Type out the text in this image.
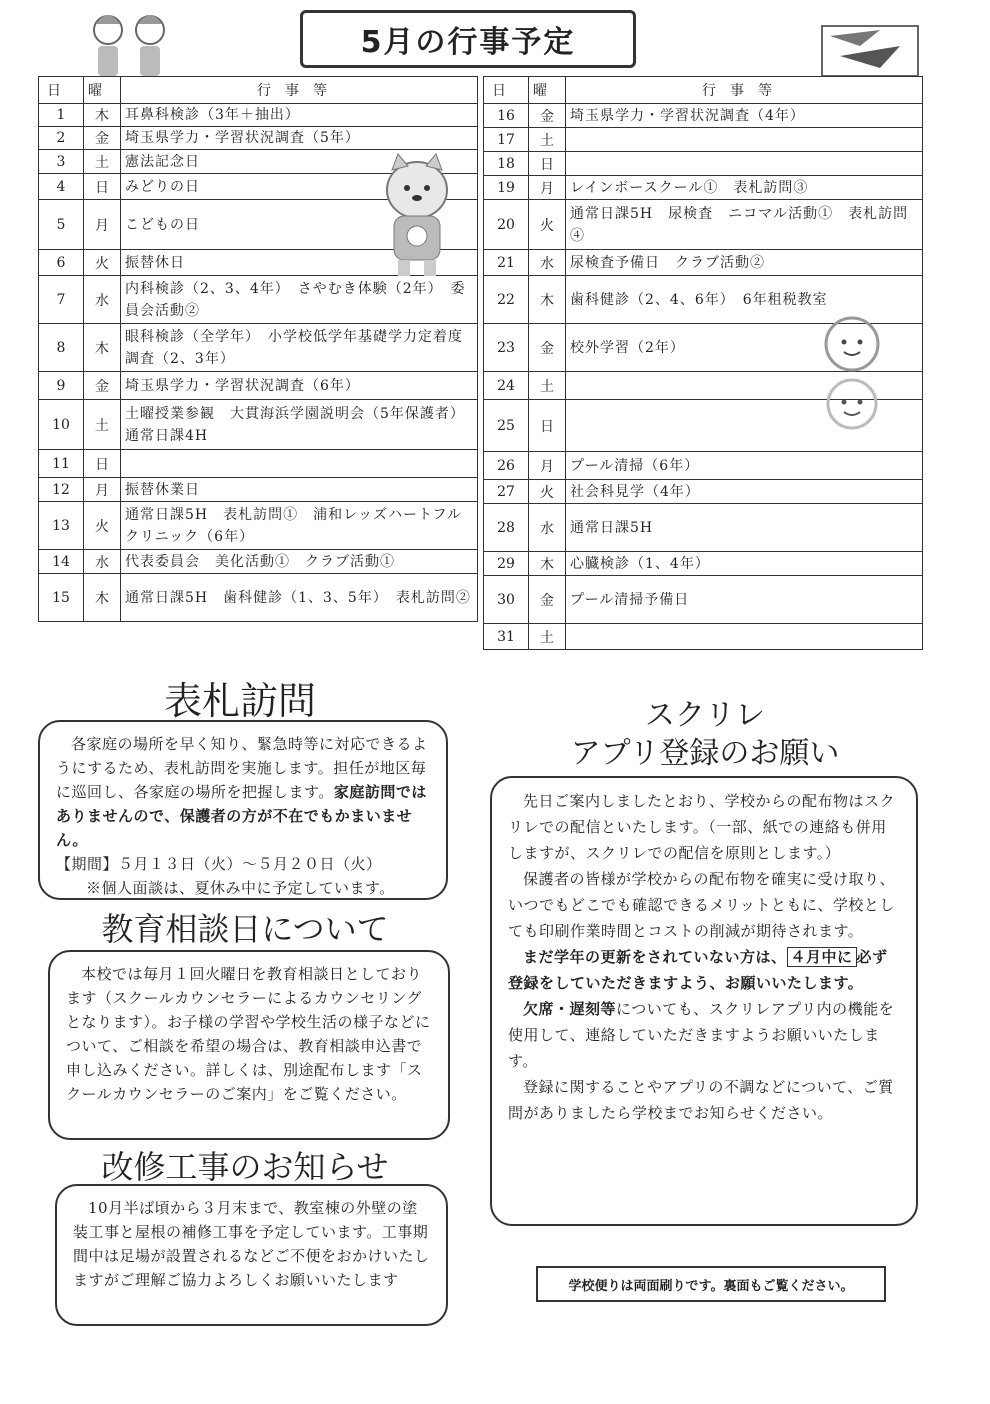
5月の行事予定
日	曜	行事等
1	木	耳鼻科検診（3年＋抽出）
2	金	埼玉県学力・学習状況調査（5年）
3	土	憲法記念日
4	日	みどりの日
5	月	こどもの日
6	火	振替休日
7	水	内科検診（2、3、4年）　さやむき体験（2年）　委員会活動②
8	木	眼科検診（全学年）　小学校低学年基礎学力定着度調査（2、3年）
9	金	埼玉県学力・学習状況調査（6年）
10	土	土曜授業参観　大貫海浜学園説明会（5年保護者）　通常日課4H
11	日	
12	月	振替休業日
13	火	通常日課5H　表札訪問①　浦和レッズハートフルクリニック（6年）
14	水	代表委員会　美化活動①　クラブ活動①
15	木	通常日課5H　歯科健診（1、3、5年）　表札訪問②
日	曜	行事等
16	金	埼玉県学力・学習状況調査（4年）
17	土	
18	日	
19	月	レインボースクール①　表札訪問③
20	火	通常日課5H　尿検査　ニコマル活動①　表札訪問④
21	水	尿検査予備日　クラブ活動②
22	木	歯科健診（2、4、6年）　6年租税教室
23	金	校外学習（2年）
24	土	
25	日	
26	月	プール清掃（6年）
27	火	社会科見学（4年）
28	水	通常日課5H
29	木	心臓検診（1、4年）
30	金	プール清掃予備日
31	土	
表札訪問

各家庭の場所を早く知り、緊急時等に対応できるようにするため、表札訪問を実施します。担任が地区毎に巡回し、各家庭の場所を把握します。家庭訪問ではありませんので、保護者の方が不在でもかまいません。

【期間】５月１３日（火）～５月２０日（火）
※個人面談は、夏休み中に予定しています。
教育相談日について

本校では毎月１回火曜日を教育相談日としております（スクールカウンセラーによるカウンセリングとなります）。お子様の学習や学校生活の様子などについて、ご相談を希望の場合は、教育相談申込書で申し込みください。詳しくは、別途配布します「スクールカウンセラーのご案内」をご覧ください。

改修工事のお知らせ

10月半ば頃から３月末まで、教室棟の外壁の塗装工事と屋根の補修工事を予定しています。工事期間中は足場が設置されるなどご不便をおかけいたしますがご理解ご協力よろしくお願いいたします

スクリレ
アプリ登録のお願い

先日ご案内しましたとおり、学校からの配布物はスクリレでの配信といたします。（一部、紙での連絡も併用しますが、スクリレでの配信を原則とします。）

保護者の皆様が学校からの配布物を確実に受け取り、いつでもどこでも確認できるメリットともに、学校としても印刷作業時間とコストの削減が期待されます。

まだ学年の更新をされていない方は、 ４月中に 必ず登録をしていただきますよう、お願いいたします。

欠席・遅刻等についても、スクリレアプリ内の機能を使用して、連絡していただきますようお願いいたします。

登録に関することやアプリの不調などについて、ご質問がありましたら学校までお知らせください。

学校便りは両面刷りです。裏面もご覧ください。
